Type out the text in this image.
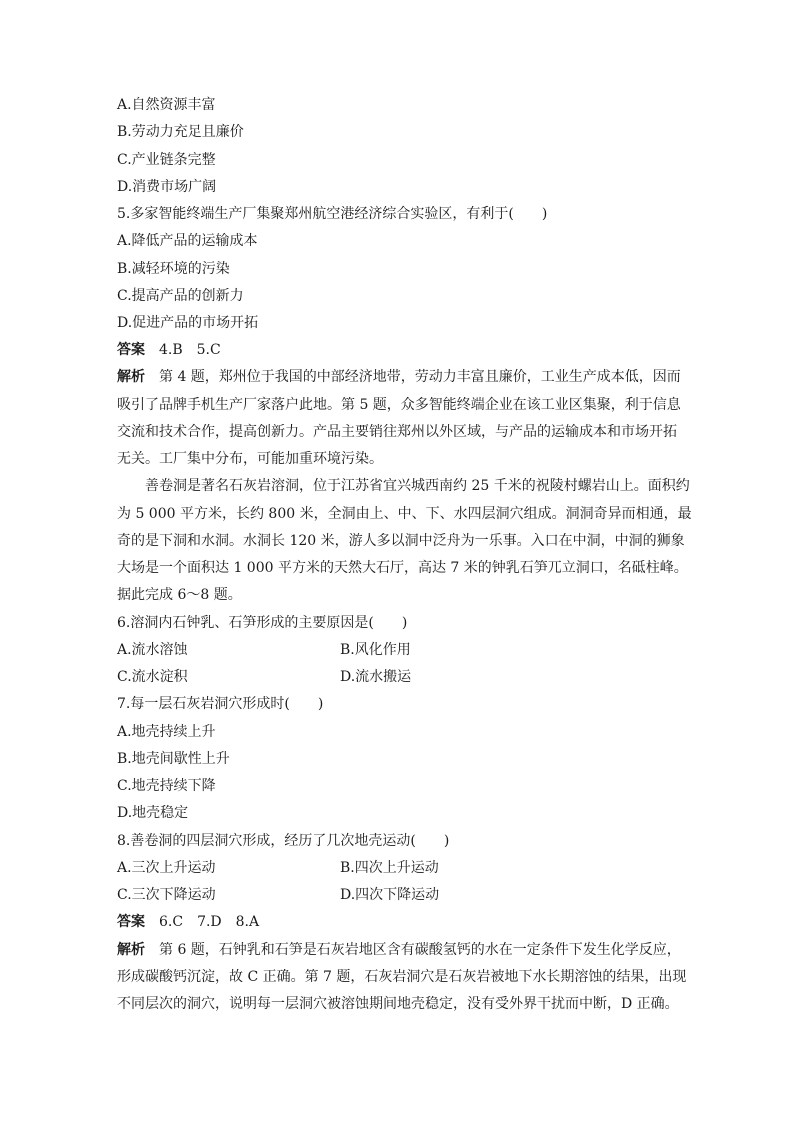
A.自然资源丰富
B.劳动力充足且廉价
C.产业链条完整
D.消费市场广阔
5.多家智能终端生产厂集聚郑州航空港经济综合实验区，有利于(　　)
A.降低产品的运输成本
B.减轻环境的污染
C.提高产品的创新力
D.促进产品的市场开拓
答案 4.B　5.C
解析 第 4 题，郑州位于我国的中部经济地带，劳动力丰富且廉价，工业生产成本低，因而
吸引了品牌手机生产厂家落户此地。第 5 题，众多智能终端企业在该工业区集聚，利于信息
交流和技术合作，提高创新力。产品主要销往郑州以外区域，与产品的运输成本和市场开拓
无关。工厂集中分布，可能加重环境污染。
善卷洞是著名石灰岩溶洞，位于江苏省宜兴城西南约 25 千米的祝陵村螺岩山上。面积约
为 5 000 平方米，长约 800 米，全洞由上、中、下、水四层洞穴组成。洞洞奇异而相通，最
奇的是下洞和水洞。水洞长 120 米，游人多以洞中泛舟为一乐事。入口在中洞，中洞的狮象
大场是一个面积达 1 000 平方米的天然大石厅，高达 7 米的钟乳石笋兀立洞口，名砥柱峰。
据此完成 6～8 题。
6.溶洞内石钟乳、石笋形成的主要原因是(　　)
A.流水溶蚀	B.风化作用
C.流水淀积	D.流水搬运
7.每一层石灰岩洞穴形成时(　　)
A.地壳持续上升
B.地壳间歇性上升
C.地壳持续下降
D.地壳稳定
8.善卷洞的四层洞穴形成，经历了几次地壳运动(　　)
A.三次上升运动	B.四次上升运动
C.三次下降运动	D.四次下降运动
答案 6.C　7.D　8.A
解析 第 6 题，石钟乳和石笋是石灰岩地区含有碳酸氢钙的水在一定条件下发生化学反应，
形成碳酸钙沉淀，故 C 正确。第 7 题，石灰岩洞穴是石灰岩被地下水长期溶蚀的结果，出现
不同层次的洞穴，说明每一层洞穴被溶蚀期间地壳稳定，没有受外界干扰而中断，D 正确。
